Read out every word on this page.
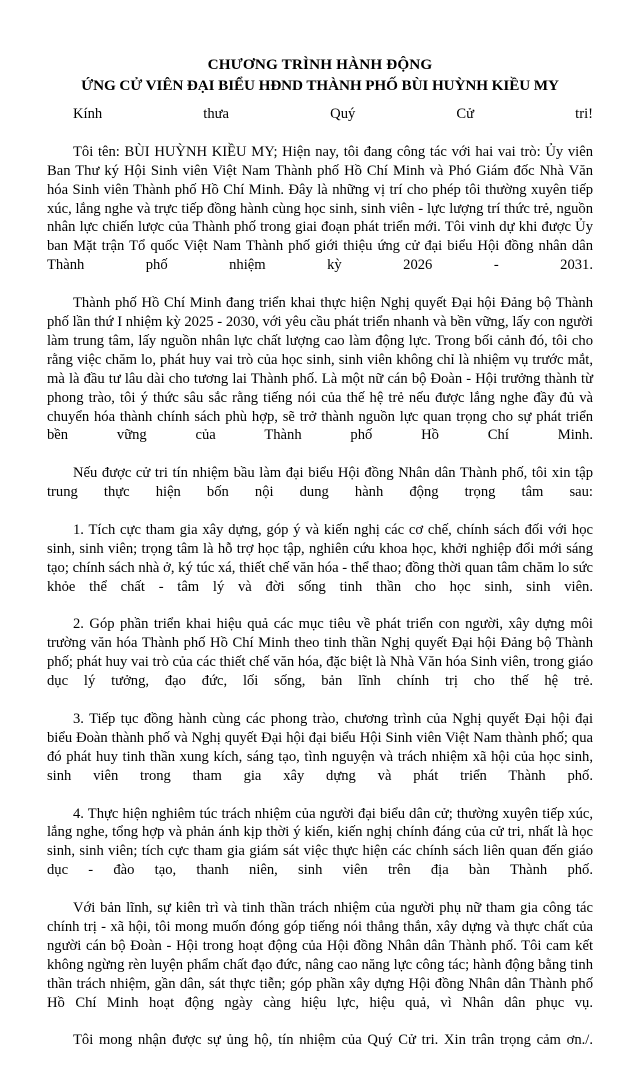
CHƯƠNG TRÌNH HÀNH ĐỘNG
ỨNG CỬ VIÊN ĐẠI BIỂU HĐND THÀNH PHỐ BÙI HUỲNH KIỀU MY

Kính thưa Quý Cử tri!

Tôi tên: BÙI HUỲNH KIỀU MY; Hiện nay, tôi đang công tác với hai vai trò: Ủy viên Ban Thư ký Hội Sinh viên Việt Nam Thành phố Hồ Chí Minh và Phó Giám đốc Nhà Văn hóa Sinh viên Thành phố Hồ Chí Minh. Đây là những vị trí cho phép tôi thường xuyên tiếp xúc, lắng nghe và trực tiếp đồng hành cùng học sinh, sinh viên - lực lượng trí thức trẻ, nguồn nhân lực chiến lược của Thành phố trong giai đoạn phát triển mới. Tôi vinh dự khi được Ủy ban Mặt trận Tổ quốc Việt Nam Thành phố giới thiệu ứng cử đại biểu Hội đồng nhân dân Thành phố nhiệm kỳ 2026 - 2031.

Thành phố Hồ Chí Minh đang triển khai thực hiện Nghị quyết Đại hội Đảng bộ Thành phố lần thứ I nhiệm kỳ 2025 - 2030, với yêu cầu phát triển nhanh và bền vững, lấy con người làm trung tâm, lấy nguồn nhân lực chất lượng cao làm động lực. Trong bối cảnh đó, tôi cho rằng việc chăm lo, phát huy vai trò của học sinh, sinh viên không chỉ là nhiệm vụ trước mắt, mà là đầu tư lâu dài cho tương lai Thành phố. Là một nữ cán bộ Đoàn - Hội trưởng thành từ phong trào, tôi ý thức sâu sắc rằng tiếng nói của thế hệ trẻ nếu được lắng nghe đầy đủ và chuyển hóa thành chính sách phù hợp, sẽ trở thành nguồn lực quan trọng cho sự phát triển bền vững của Thành phố Hồ Chí Minh.

Nếu được cử tri tín nhiệm bầu làm đại biểu Hội đồng Nhân dân Thành phố, tôi xin tập trung thực hiện bốn nội dung hành động trọng tâm sau:

1. Tích cực tham gia xây dựng, góp ý và kiến nghị các cơ chế, chính sách đối với học sinh, sinh viên; trọng tâm là hỗ trợ học tập, nghiên cứu khoa học, khởi nghiệp đổi mới sáng tạo; chính sách nhà ở, ký túc xá, thiết chế văn hóa - thể thao; đồng thời quan tâm chăm lo sức khỏe thể chất - tâm lý và đời sống tinh thần cho học sinh, sinh viên.

2. Góp phần triển khai hiệu quả các mục tiêu về phát triển con người, xây dựng môi trường văn hóa Thành phố Hồ Chí Minh theo tinh thần Nghị quyết Đại hội Đảng bộ Thành phố; phát huy vai trò của các thiết chế văn hóa, đặc biệt là Nhà Văn hóa Sinh viên, trong giáo dục lý tưởng, đạo đức, lối sống, bản lĩnh chính trị cho thế hệ trẻ.

3. Tiếp tục đồng hành cùng các phong trào, chương trình của Nghị quyết Đại hội đại biểu Đoàn thành phố và Nghị quyết Đại hội đại biểu Hội Sinh viên Việt Nam thành phố; qua đó phát huy tinh thần xung kích, sáng tạo, tình nguyện và trách nhiệm xã hội của học sinh, sinh viên trong tham gia xây dựng và phát triển Thành phố.

4. Thực hiện nghiêm túc trách nhiệm của người đại biểu dân cử; thường xuyên tiếp xúc, lắng nghe, tổng hợp và phản ánh kịp thời ý kiến, kiến nghị chính đáng của cử tri, nhất là học sinh, sinh viên; tích cực tham gia giám sát việc thực hiện các chính sách liên quan đến giáo dục - đào tạo, thanh niên, sinh viên trên địa bàn Thành phố.

Với bản lĩnh, sự kiên trì và tinh thần trách nhiệm của người phụ nữ tham gia công tác chính trị - xã hội, tôi mong muốn đóng góp tiếng nói thẳng thắn, xây dựng và thực chất của người cán bộ Đoàn - Hội trong hoạt động của Hội đồng Nhân dân Thành phố. Tôi cam kết không ngừng rèn luyện phẩm chất đạo đức, nâng cao năng lực công tác; hành động bằng tinh thần trách nhiệm, gần dân, sát thực tiễn; góp phần xây dựng Hội đồng Nhân dân Thành phố Hồ Chí Minh hoạt động ngày càng hiệu lực, hiệu quả, vì Nhân dân phục vụ.

Tôi mong nhận được sự ủng hộ, tín nhiệm của Quý Cử tri. Xin trân trọng cảm ơn./.
